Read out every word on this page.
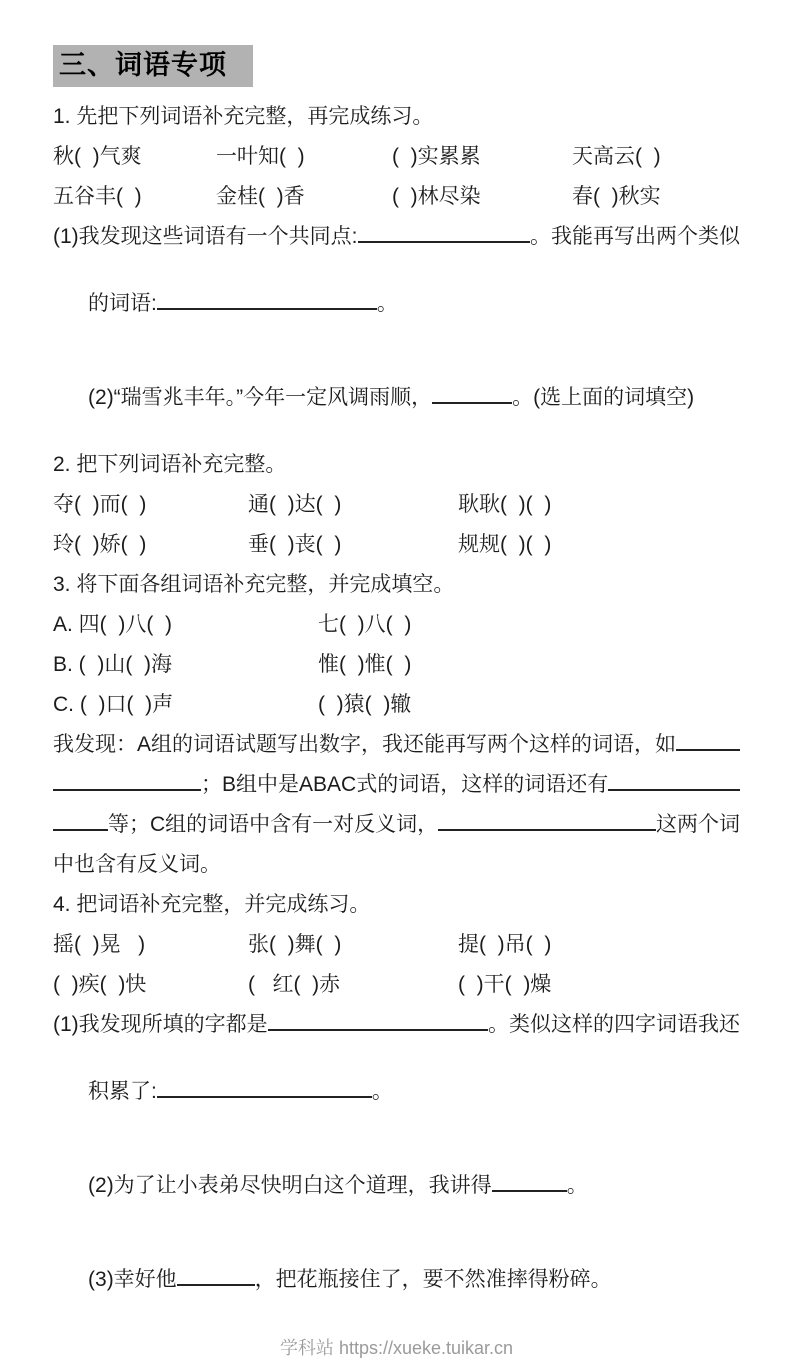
三、词语专项
1. 先把下列词语补充完整，再完成练习。
秋(  )气爽	一叶知(  )	(  )实累累	天高云(  )
五谷丰(  )	金桂(  )香	(  )林尽染	春(  )秋实
(1)我发现这些词语有一个共同点:	。我能再写出两个类似

的词语:	。

(2)“瑞雪兆丰年。”今年一定风调雨顺，	。(选上面的词填空)

2. 把下列词语补充完整。
夺(  )而(  )	通(  )达(  )	耿耿(  )(  )
玲(  )娇(  )	垂(  )丧(  )	规规(  )(  )
3. 将下面各组词语补充完整，并完成填空。
A. 四(  )八(  )	七(  )八(  )
B. (  )山(  )海	惟(  )惟(  )
C. (  )口(  )声	(  )猿(  )辙
我发现：A组的词语试题写出数字，我还能再写两个这样的词语，如
；B组中是ABAC式的词语，这样的词语还有
等；C组的词语中含有一对反义词，	这两个词
中也含有反义词。
4. 把词语补充完整，并完成练习。
摇(  )晃   )	张(  )舞(  )	提(  )吊(  )
(  )疾(  )快	(   红(  )赤	(  )干(  )燥
(1)我发现所填的字都是	。类似这样的四字词语我还

积累了:	。

(2)为了让小表弟尽快明白这个道理，我讲得	。

(3)幸好他	，把花瓶接住了，要不然准摔得粉碎。

学科站 https://xueke.tuikar.cn
